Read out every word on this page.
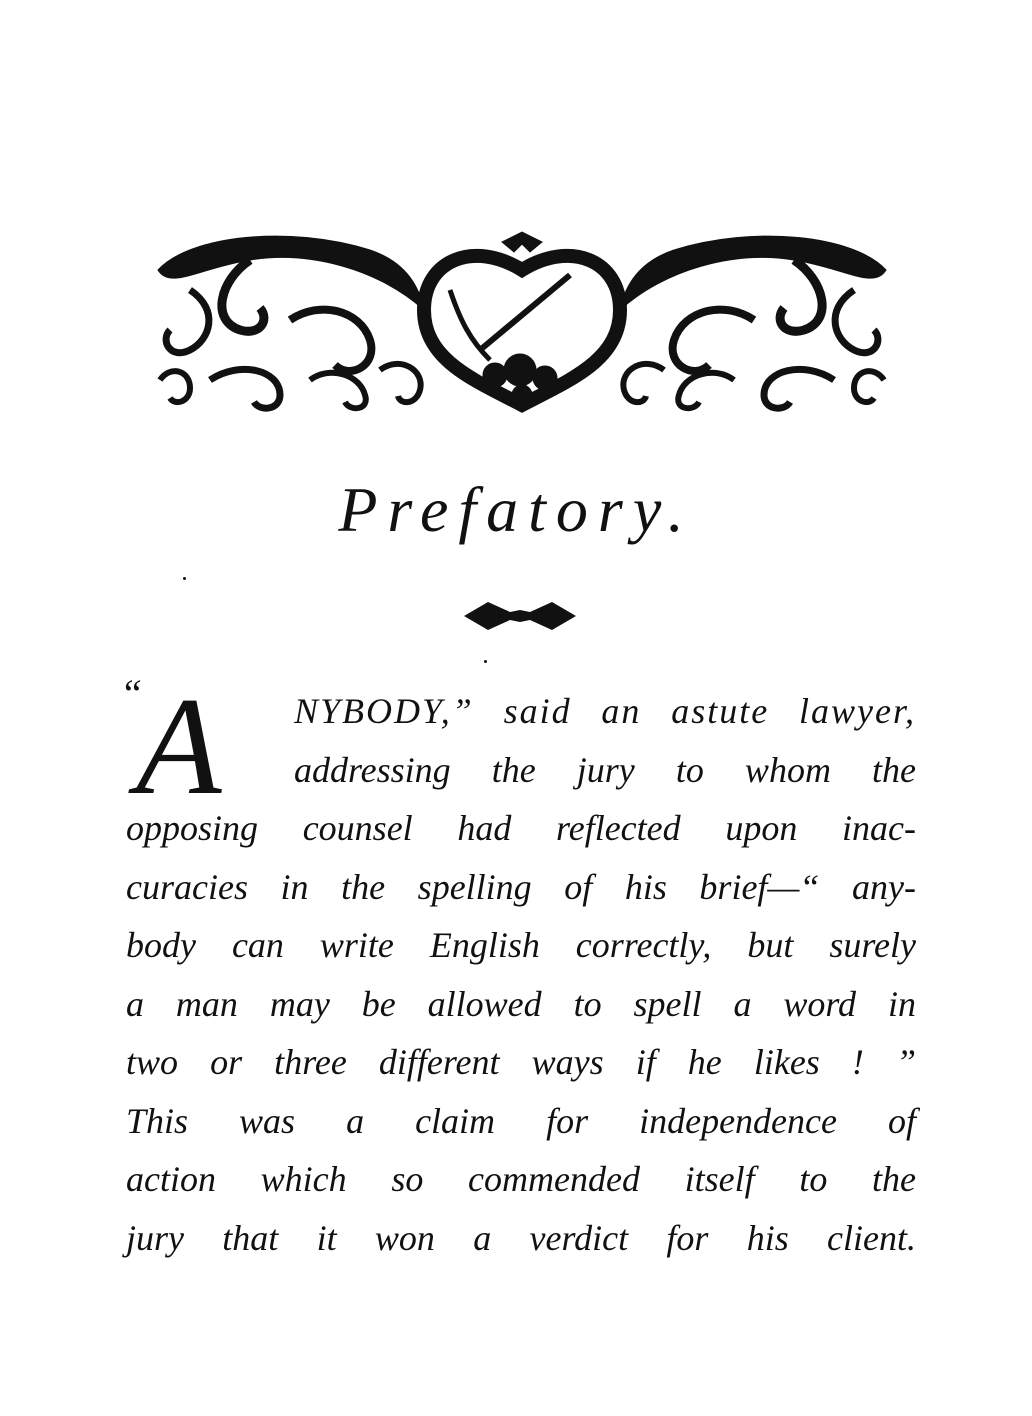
Prefatory.
“
A	NYBODY,” said an astute lawyer,
addressing the jury to whom the
opposing counsel had reflected upon inac-
curacies in the spelling of his brief—“ any-
body can write English correctly, but surely
a man may be allowed to spell a word in
two or three different ways if he likes ! ”
This was a claim for independence of
action which so commended itself to the
jury that it won a verdict for his client.
